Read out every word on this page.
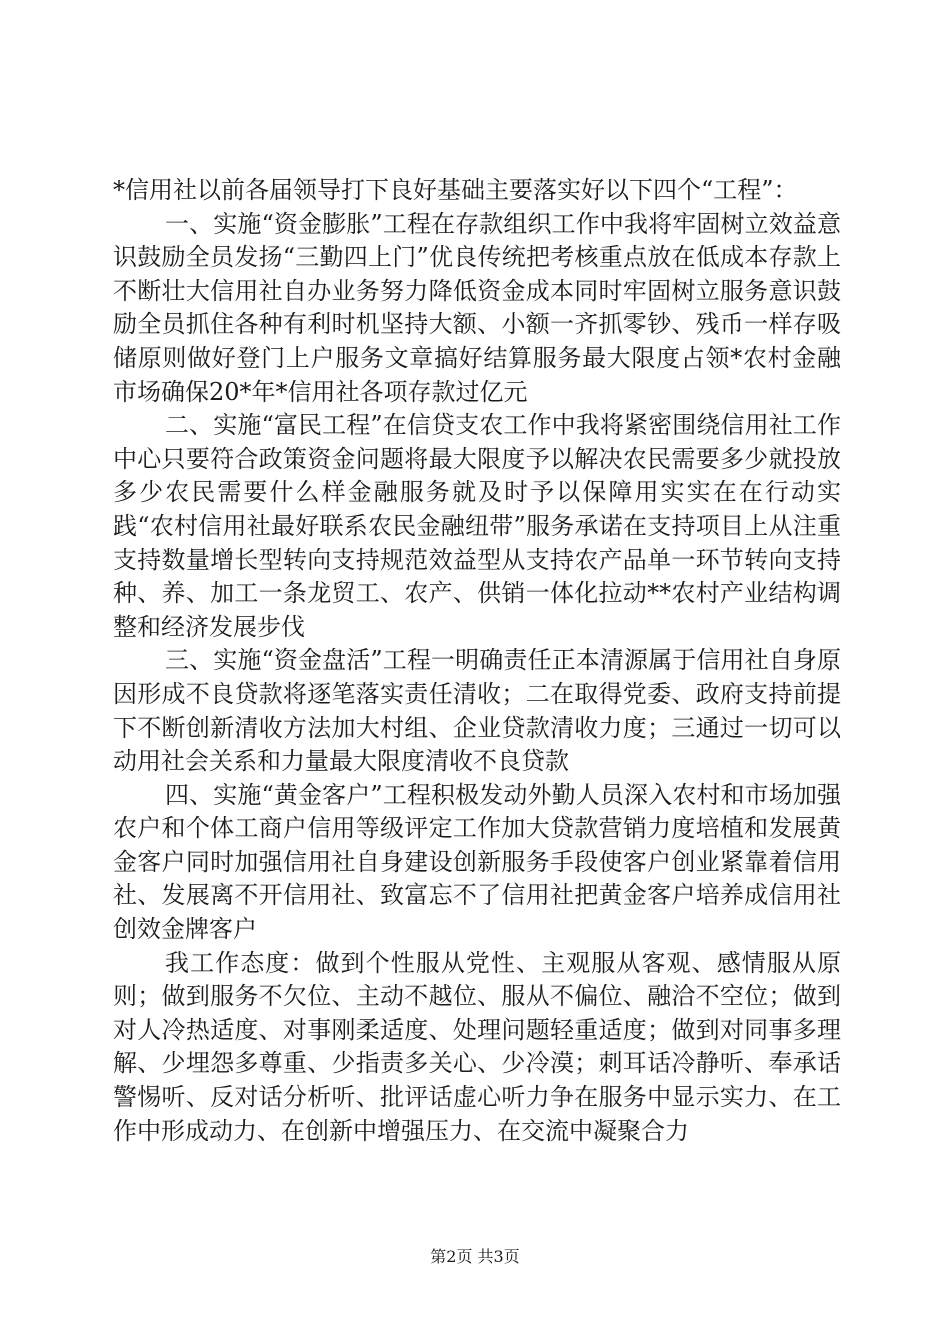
*信用社以前各届领导打下良好基础主要落实好以下四个“工程”：

一、实施“资金膨胀”工程在存款组织工作中我将牢固树立效益意识鼓励全员发扬“三勤四上门”优良传统把考核重点放在低成本存款上不断壮大信用社自办业务努力降低资金成本同时牢固树立服务意识鼓励全员抓住各种有利时机坚持大额、小额一齐抓零钞、残币一样存吸储原则做好登门上户服务文章搞好结算服务最大限度占领*农村金融市场确保20*年*信用社各项存款过亿元

二、实施“富民工程”在信贷支农工作中我将紧密围绕信用社工作中心只要符合政策资金问题将最大限度予以解决农民需要多少就投放多少农民需要什么样金融服务就及时予以保障用实实在在行动实践“农村信用社最好联系农民金融纽带”服务承诺在支持项目上从注重支持数量增长型转向支持规范效益型从支持农产品单一环节转向支持种、养、加工一条龙贸工、农产、供销一体化拉动**农村产业结构调整和经济发展步伐

三、实施“资金盘活”工程一明确责任正本清源属于信用社自身原因形成不良贷款将逐笔落实责任清收；二在取得党委、政府支持前提下不断创新清收方法加大村组、企业贷款清收力度；三通过一切可以动用社会关系和力量最大限度清收不良贷款

四、实施“黄金客户”工程积极发动外勤人员深入农村和市场加强农户和个体工商户信用等级评定工作加大贷款营销力度培植和发展黄金客户同时加强信用社自身建设创新服务手段使客户创业紧靠着信用社、发展离不开信用社、致富忘不了信用社把黄金客户培养成信用社创效金牌客户

我工作态度：做到个性服从党性、主观服从客观、感情服从原则；做到服务不欠位、主动不越位、服从不偏位、融洽不空位；做到对人冷热适度、对事刚柔适度、处理问题轻重适度；做到对同事多理解、少埋怨多尊重、少指责多关心、少冷漠；刺耳话冷静听、奉承话警惕听、反对话分析听、批评话虚心听力争在服务中显示实力、在工作中形成动力、在创新中增强压力、在交流中凝聚合力

第2页 共3页
